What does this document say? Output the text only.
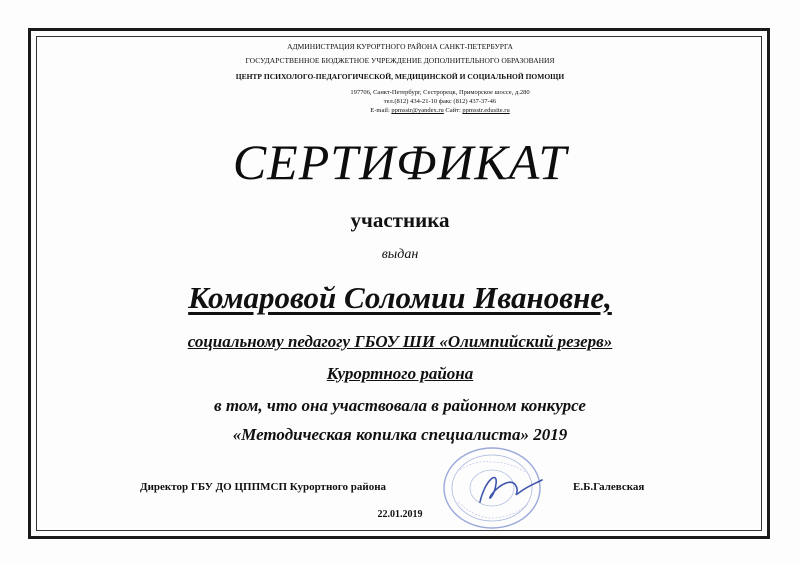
АДМИНИСТРАЦИЯ КУРОРТНОГО РАЙОНА САНКТ-ПЕТЕРБУРГА
ГОСУДАРСТВЕННОЕ БЮДЖЕТНОЕ УЧРЕЖДЕНИЕ ДОПОЛНИТЕЛЬНОГО ОБРАЗОВАНИЯ
ЦЕНТР ПСИХОЛОГО-ПЕДАГОГИЧЕСКОЙ, МЕДИЦИНСКОЙ И СОЦИАЛЬНОЙ ПОМОЩИ
197706, Санкт-Петербург, Сестрорецк, Приморское шоссе, д.280
тел.(812) 434-21-10 факс (812) 437-37-46
E-mail: ppmsstr@yandex.ru Сайт: ppmsstr.edusite.ru
СЕРТИФИКАТ
участника
выдан
Комаровой Соломии Ивановне,
социальному педагогу ГБОУ ШИ «Олимпийский резерв»
Курортного района
в том, что она участвовала в районном конкурсе
«Методическая копилка специалиста» 2019
Директор ГБУ ДО ЦППМСП Курортного района	Е.Б.Галевская
22.01.2019
